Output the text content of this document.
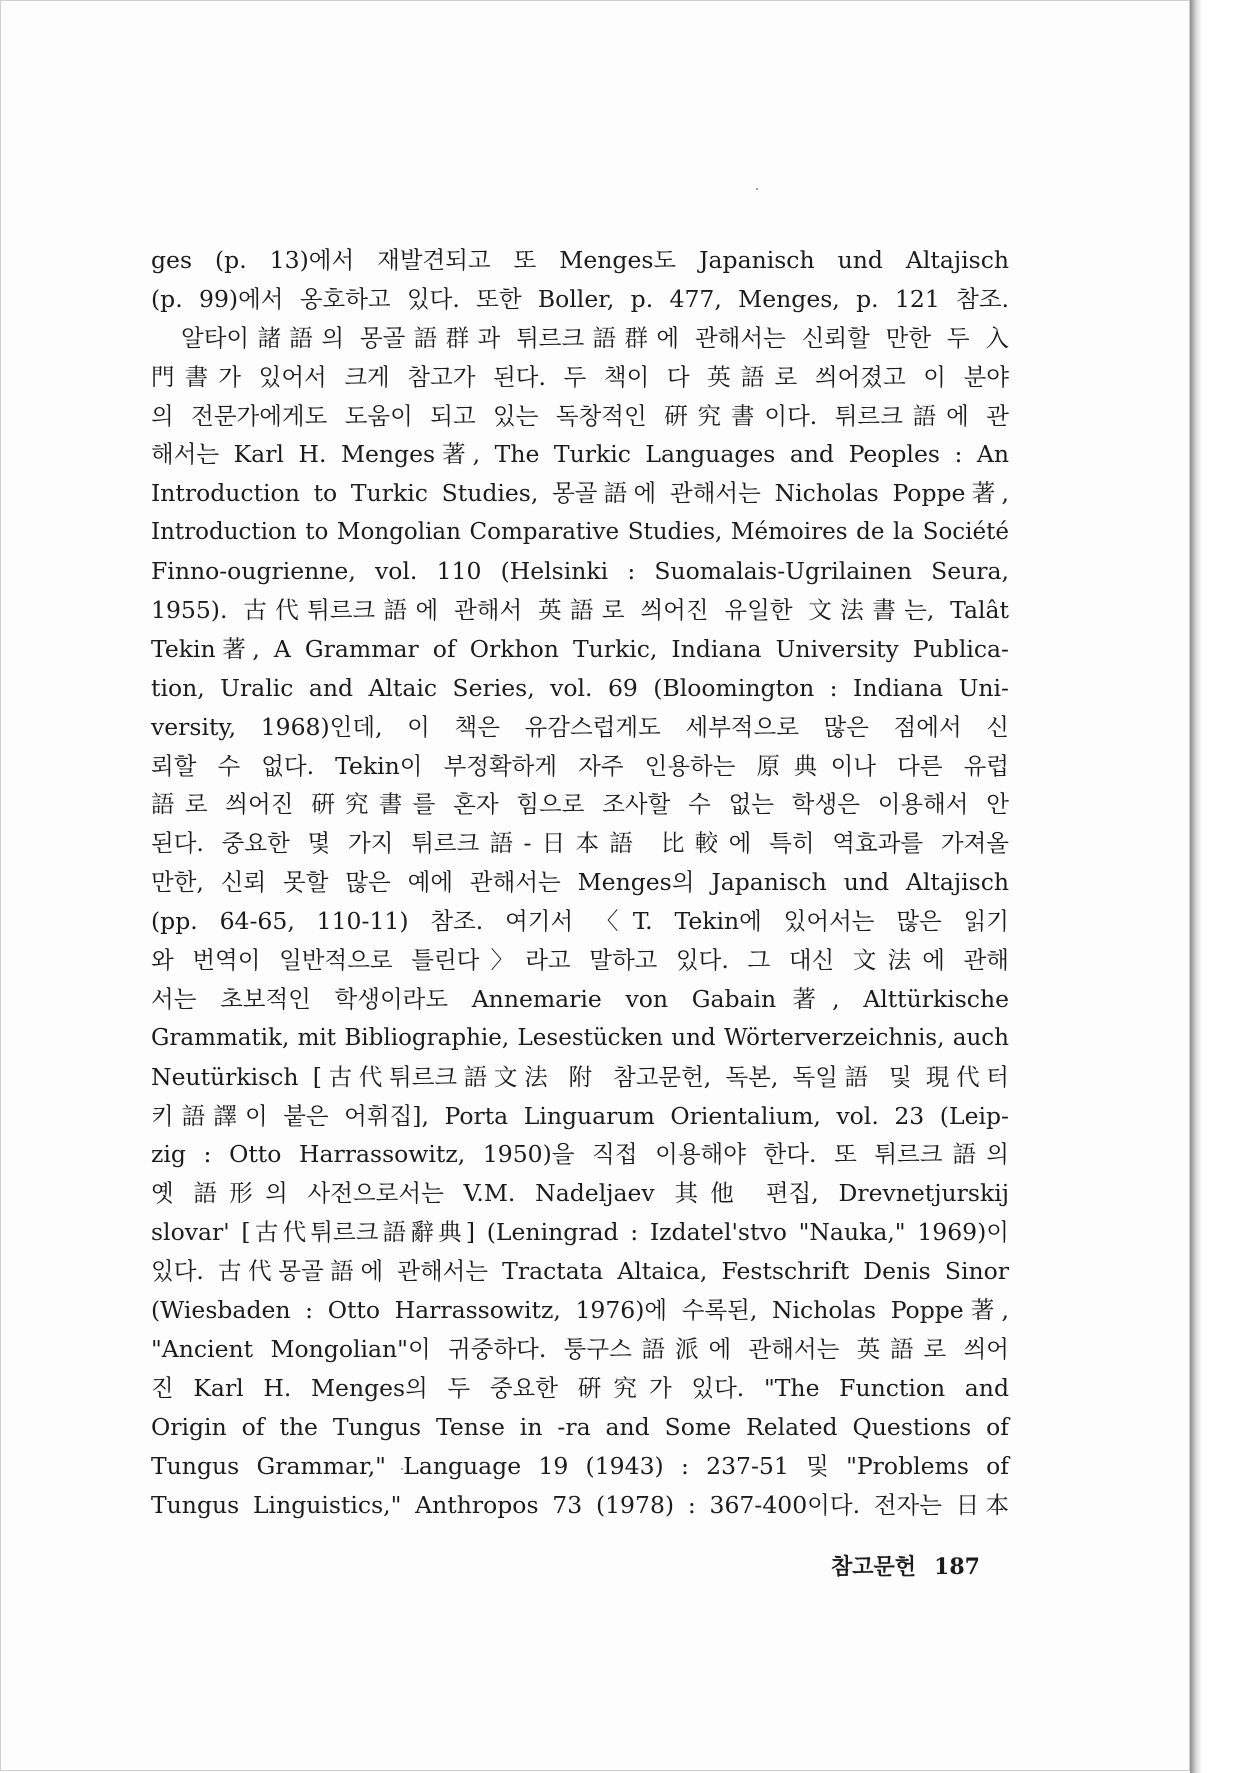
ges (p. 13)에서 재발견되고 또 Menges도 Japanisch und Altajisch
(p. 99)에서 옹호하고 있다. 또한 Boller, p. 477, Menges, p. 121 참조.
알타이諸語의 몽골語群과 튀르크語群에 관해서는 신뢰할 만한 두 入
門書가 있어서 크게 참고가 된다. 두 책이 다 英語로 씌어졌고 이 분야
의 전문가에게도 도움이 되고 있는 독창적인 硏究書이다. 튀르크語에 관
해서는 Karl H. Menges著, The Turkic Languages and Peoples : An
Introduction to Turkic Studies, 몽골語에 관해서는 Nicholas Poppe著,
Introduction to Mongolian Comparative Studies, Mémoires de la Société
Finno-ougrienne, vol. 110 (Helsinki : Suomalais-Ugrilainen Seura,
1955). 古代튀르크語에 관해서 英語로 씌어진 유일한 文法書는, Talât
Tekin著, A Grammar of Orkhon Turkic, Indiana University Publica-
tion, Uralic and Altaic Series, vol. 69 (Bloomington : Indiana Uni-
versity, 1968)인데, 이 책은 유감스럽게도 세부적으로 많은 점에서 신
뢰할 수 없다. Tekin이 부정확하게 자주 인용하는 原典이나 다른 유럽
語로 씌어진 硏究書를 혼자 힘으로 조사할 수 없는 학생은 이용해서 안
된다. 중요한 몇 가지 튀르크語-日本語 比較에 특히 역효과를 가져올
만한, 신뢰 못할 많은 예에 관해서는 Menges의 Japanisch und Altajisch
(pp. 64-65, 110-11) 참조. 여기서 〈T. Tekin에 있어서는 많은 읽기
와 번역이 일반적으로 틀린다〉라고 말하고 있다. 그 대신 文法에 관해
서는 초보적인 학생이라도 Annemarie von Gabain著, Alttürkische
Grammatik, mit Bibliographie, Lesestücken und Wörterverzeichnis, auch
Neutürkisch [古代튀르크語文法 附 참고문헌, 독본, 독일語 및 現代터
키語譯이 붙은 어휘집], Porta Linguarum Orientalium, vol. 23 (Leip-
zig : Otto Harrassowitz, 1950)을 직접 이용해야 한다. 또 튀르크語의
옛 語形의 사전으로서는 V.M. Nadeljaev 其他 편집, Drevnetjurskij
slovar' [古代튀르크語辭典] (Leningrad : Izdatel'stvo "Nauka," 1969)이
있다. 古代몽골語에 관해서는 Tractata Altaica, Festschrift Denis Sinor
(Wiesbaden : Otto Harrassowitz, 1976)에 수록된, Nicholas Poppe著,
"Ancient Mongolian"이 귀중하다. 퉁구스語派에 관해서는 英語로 씌어
진 Karl H. Menges의 두 중요한 硏究가 있다. "The Function and
Origin of the Tungus Tense in -ra and Some Related Questions of
Tungus Grammar," Language 19 (1943) : 237-51 및 "Problems of
Tungus Linguistics," Anthropos 73 (1978) : 367-400이다. 전자는 日本
참고문헌 187
